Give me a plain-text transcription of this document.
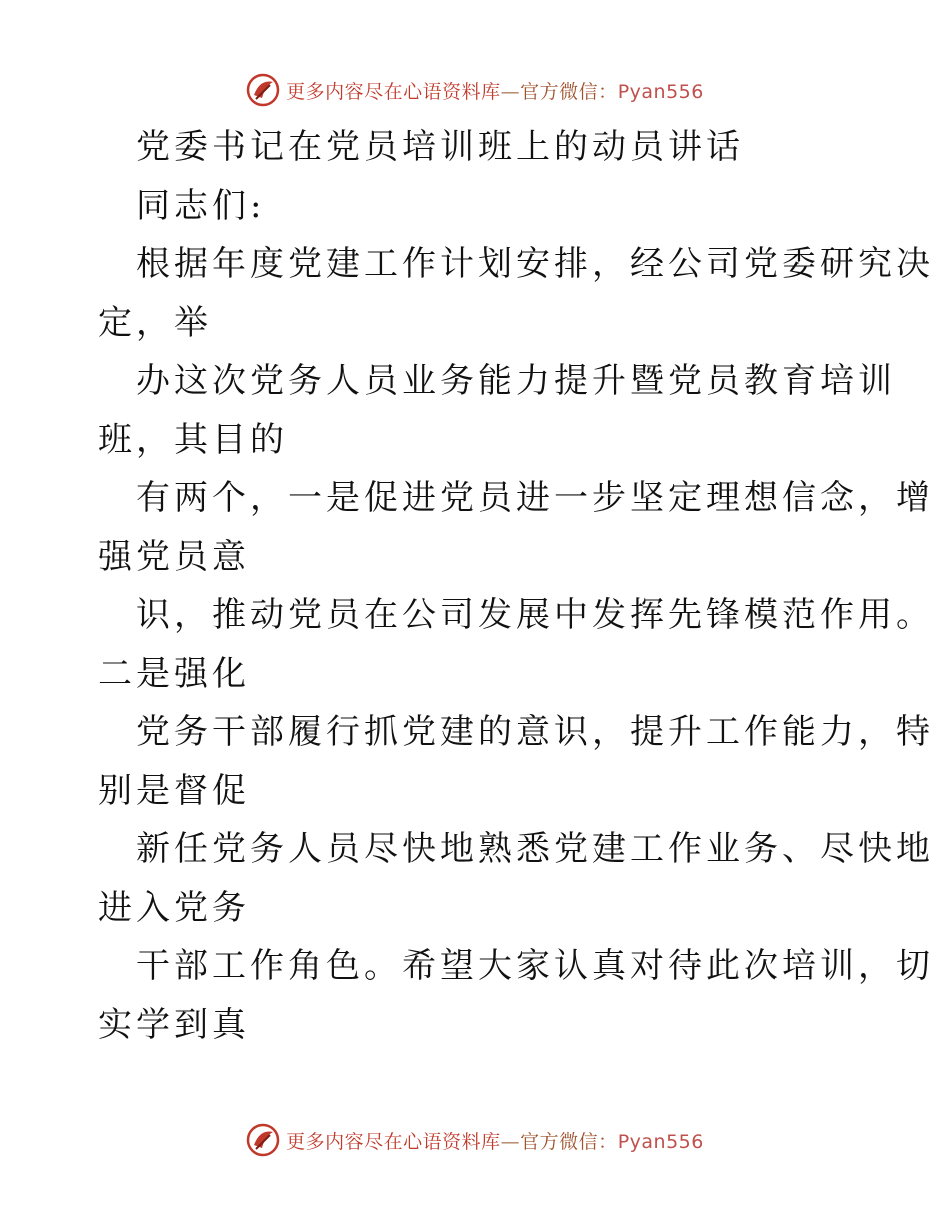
更多内容尽在心语资料库—官方微信：Pyan556
党委书记在党员培训班上的动员讲话
同志们:
根据年度党建工作计划安排，经公司党委研究决
定，举
办这次党务人员业务能力提升暨党员教育培训
班，其目的
有两个，一是促进党员进一步坚定理想信念，增
强党员意
识，推动党员在公司发展中发挥先锋模范作用。
二是强化
党务干部履行抓党建的意识，提升工作能力，特
别是督促
新任党务人员尽快地熟悉党建工作业务、尽快地
进入党务
干部工作角色。希望大家认真对待此次培训，切
实学到真
更多内容尽在心语资料库—官方微信：Pyan556
